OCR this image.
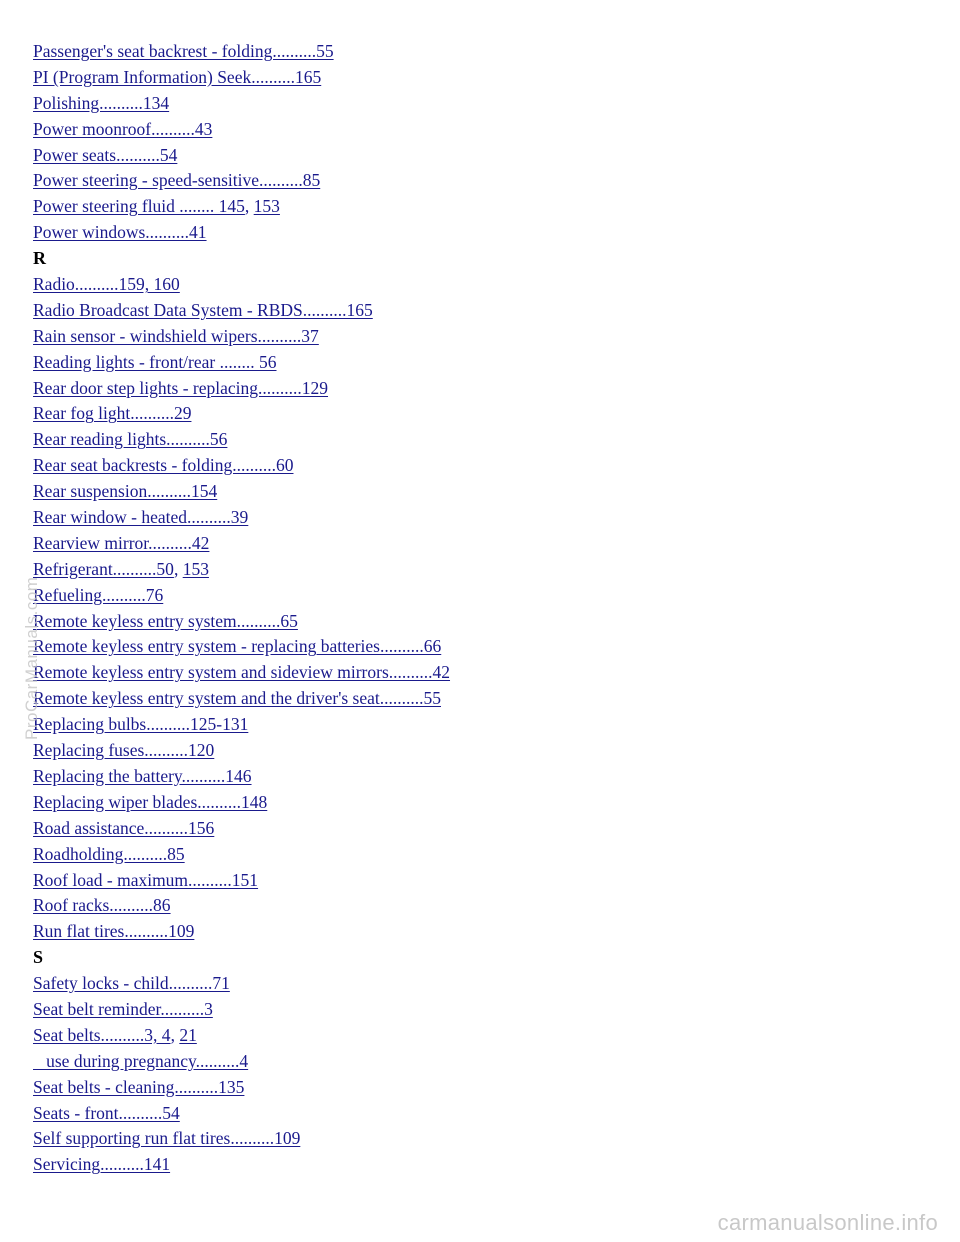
Passenger's seat backrest - folding..........55
PI (Program Information) Seek..........165
Polishing..........134
Power moonroof..........43
Power seats..........54
Power steering - speed-sensitive..........85
Power steering fluid ........ 145, 153
Power windows..........41
R
Radio..........159, 160
Radio Broadcast Data System - RBDS..........165
Rain sensor - windshield wipers..........37
Reading lights - front/rear ........ 56
Rear door step lights - replacing..........129
Rear fog light..........29
Rear reading lights..........56
Rear seat backrests - folding..........60
Rear suspension..........154
Rear window - heated..........39
Rearview mirror..........42
Refrigerant..........50, 153
Refueling..........76
Remote keyless entry system..........65
Remote keyless entry system - replacing batteries..........66
Remote keyless entry system and sideview mirrors..........42
Remote keyless entry system and the driver's seat..........55
Replacing bulbs..........125-131
Replacing fuses..........120
Replacing the battery..........146
Replacing wiper blades..........148
Road assistance..........156
Roadholding..........85
Roof load - maximum..........151
Roof racks..........86
Run flat tires..........109
S
Safety locks - child..........71
Seat belt reminder..........3
Seat belts..........3, 4, 21
use during pregnancy..........4
Seat belts - cleaning..........135
Seats - front..........54
Self supporting run flat tires..........109
Servicing..........141
ProCarManuals.com
carmanualsonline.info
